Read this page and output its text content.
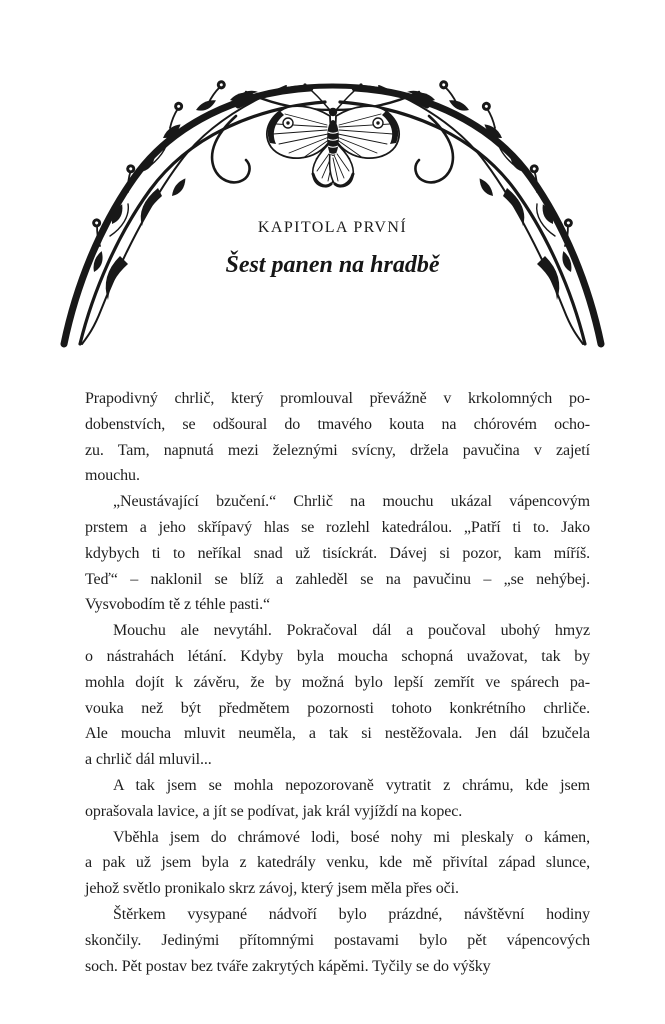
KAPITOLA PRVNÍ
Šest panen na hradbě
Prapodivný chrlič, který promlouval převážně v krkolomných po-
dobenstvích, se odšoural do tmavého kouta na chórovém ocho-
zu. Tam, napnutá mezi železnými svícny, držela pavučina v zajetí
mouchu.
„Neustávající bzučení.“ Chrlič na mouchu ukázal vápencovým
prstem a jeho skřípavý hlas se rozlehl katedrálou. „Patří ti to. Jako
kdybych ti to neříkal snad už tisíckrát. Dávej si pozor, kam míříš.
Teď“ – naklonil se blíž a zahleděl se na pavučinu – „se nehýbej.
Vysvobodím tě z téhle pasti.“
Mouchu ale nevytáhl. Pokračoval dál a poučoval ubohý hmyz
o nástrahách létání. Kdyby byla moucha schopná uvažovat, tak by
mohla dojít k závěru, že by možná bylo lepší zemřít ve spárech pa-
vouka než být předmětem pozornosti tohoto konkrétního chrliče.
Ale moucha mluvit neuměla, a tak si nestěžovala. Jen dál bzučela
a chrlič dál mluvil...
A tak jsem se mohla nepozorovaně vytratit z chrámu, kde jsem
oprašovala lavice, a jít se podívat, jak král vyjíždí na kopec.
Vběhla jsem do chrámové lodi, bosé nohy mi pleskaly o kámen,
a pak už jsem byla z katedrály venku, kde mě přivítal západ slunce,
jehož světlo pronikalo skrz závoj, který jsem měla přes oči.
Štěrkem vysypané nádvoří bylo prázdné, návštěvní hodiny
skončily. Jedinými přítomnými postavami bylo pět vápencových
soch. Pět postav bez tváře zakrytých kápěmi. Tyčily se do výšky
